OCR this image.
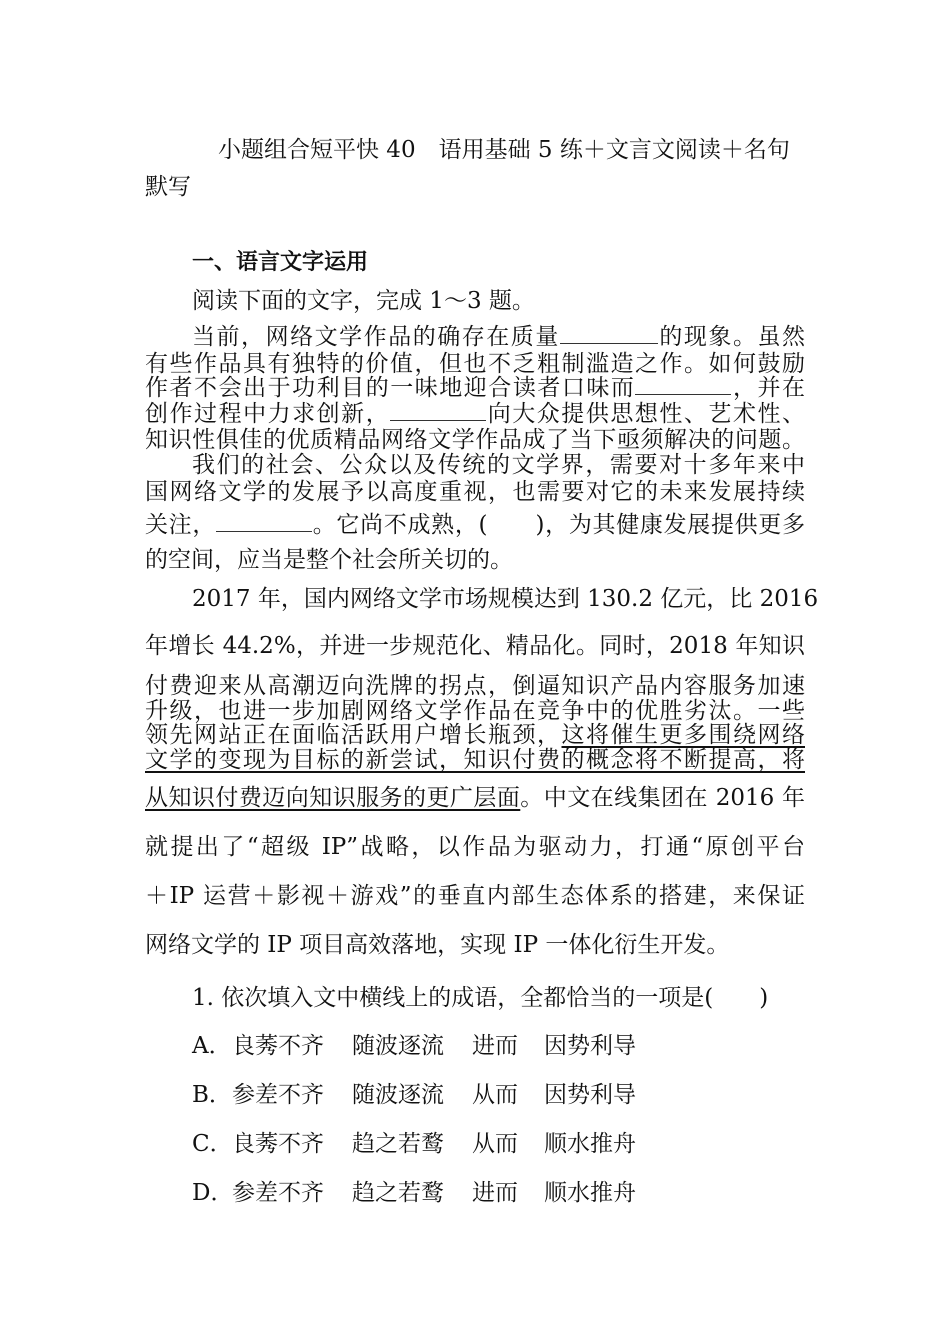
小题组合短平快 40　语用基础 5 练＋文言文阅读＋名句
默写
一、语言文字运用
阅读下面的文字，完成 1～3 题。
当前，网络文学作品的确存在质量	的现象。虽然
有些作品具有独特的价值，但也不乏粗制滥造之作。如何鼓励
作者不会出于功利目的一味地迎合读者口味而	，并在
创作过程中力求创新，	向大众提供思想性、艺术性、
知识性俱佳的优质精品网络文学作品成了当下亟须解决的问题。
我们的社会、公众以及传统的文学界，需要对十多年来中
国网络文学的发展予以高度重视，也需要对它的未来发展持续
关注，	。它尚不成熟，(　　)，为其健康发展提供更多
的空间，应当是整个社会所关切的。
2017 年，国内网络文学市场规模达到 130.2 亿元，比 2016
年增长 44.2%，并进一步规范化、精品化。同时，2018 年知识
付费迎来从高潮迈向洗牌的拐点，倒逼知识产品内容服务加速
升级，也进一步加剧网络文学作品在竞争中的优胜劣汰。一些
领先网站正在面临活跃用户增长瓶颈，这将催生更多围绕网络
文学的变现为目标的新尝试，知识付费的概念将不断提高，将
从知识付费迈向知识服务的更广层面。中文在线集团在 2016 年
就提出了“超级 IP”战略，以作品为驱动力，打通“原创平台
＋IP 运营＋影视＋游戏”的垂直内部生态体系的搭建，来保证
网络文学的 IP 项目高效落地，实现 IP 一体化衍生开发。
1. 依次填入文中横线上的成语，全都恰当的一项是(　　)
A．良莠不齐 随波逐流 进而 因势利导
B．参差不齐 随波逐流 从而 因势利导
C．良莠不齐 趋之若鹜 从而 顺水推舟
D．参差不齐 趋之若鹜 进而 顺水推舟
